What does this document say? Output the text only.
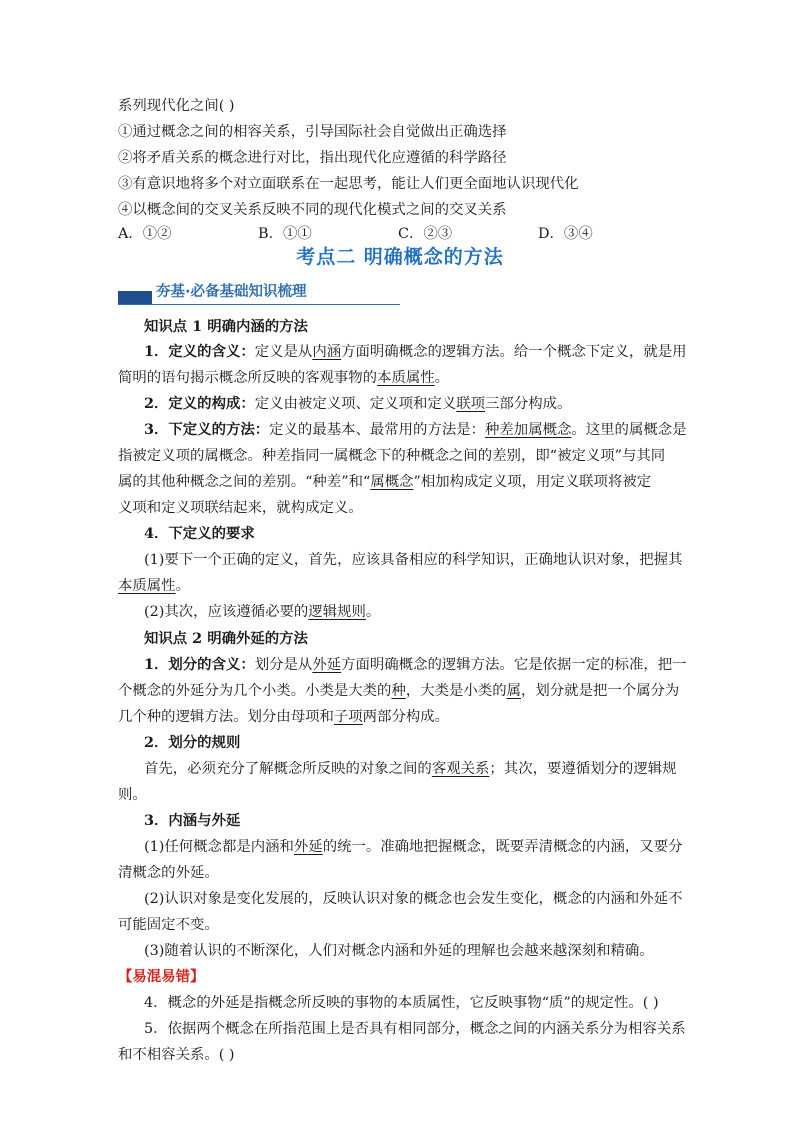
系列现代化之间( )
①通过概念之间的相容关系，引导国际社会自觉做出正确选择
②将矛盾关系的概念进行对比，指出现代化应遵循的科学路径
③有意识地将多个对立面联系在一起思考，能让人们更全面地认识现代化
④以概念间的交叉关系反映不同的现代化模式之间的交叉关系
A．①②	B．①①	C．②③	D．③④
考点二 明确概念的方法
夯基·必备基础知识梳理
知识点 1 明确内涵的方法
1．定义的含义：定义是从内涵方面明确概念的逻辑方法。给一个概念下定义，就是用
简明的语句揭示概念所反映的客观事物的本质属性。
2．定义的构成：定义由被定义项、定义项和定义联项三部分构成。
3．下定义的方法：定义的最基本、最常用的方法是：种差加属概念。这里的属概念是
指被定义项的属概念。种差指同一属概念下的种概念之间的差别，即“被定义项”与其同
属的其他种概念之间的差别。“种差”和“属概念”相加构成定义项，用定义联项将被定
义项和定义项联结起来，就构成定义。
4．下定义的要求
(1)要下一个正确的定义，首先，应该具备相应的科学知识，正确地认识对象，把握其
本质属性。
(2)其次，应该遵循必要的逻辑规则。
知识点 2 明确外延的方法
1．划分的含义：划分是从外延方面明确概念的逻辑方法。它是依据一定的标准，把一
个概念的外延分为几个小类。小类是大类的种，大类是小类的属，划分就是把一个属分为
几个种的逻辑方法。划分由母项和子项两部分构成。
2．划分的规则
首先，必须充分了解概念所反映的对象之间的客观关系；其次，要遵循划分的逻辑规
则。
3．内涵与外延
(1)任何概念都是内涵和外延的统一。准确地把握概念，既要弄清概念的内涵，又要分
清概念的外延。
(2)认识对象是变化发展的，反映认识对象的概念也会发生变化，概念的内涵和外延不
可能固定不变。
(3)随着认识的不断深化，人们对概念内涵和外延的理解也会越来越深刻和精确。
【易混易错】
4．概念的外延是指概念所反映的事物的本质属性，它反映事物“质”的规定性。( )
5．依据两个概念在所指范围上是否具有相同部分，概念之间的内涵关系分为相容关系
和不相容关系。( )
